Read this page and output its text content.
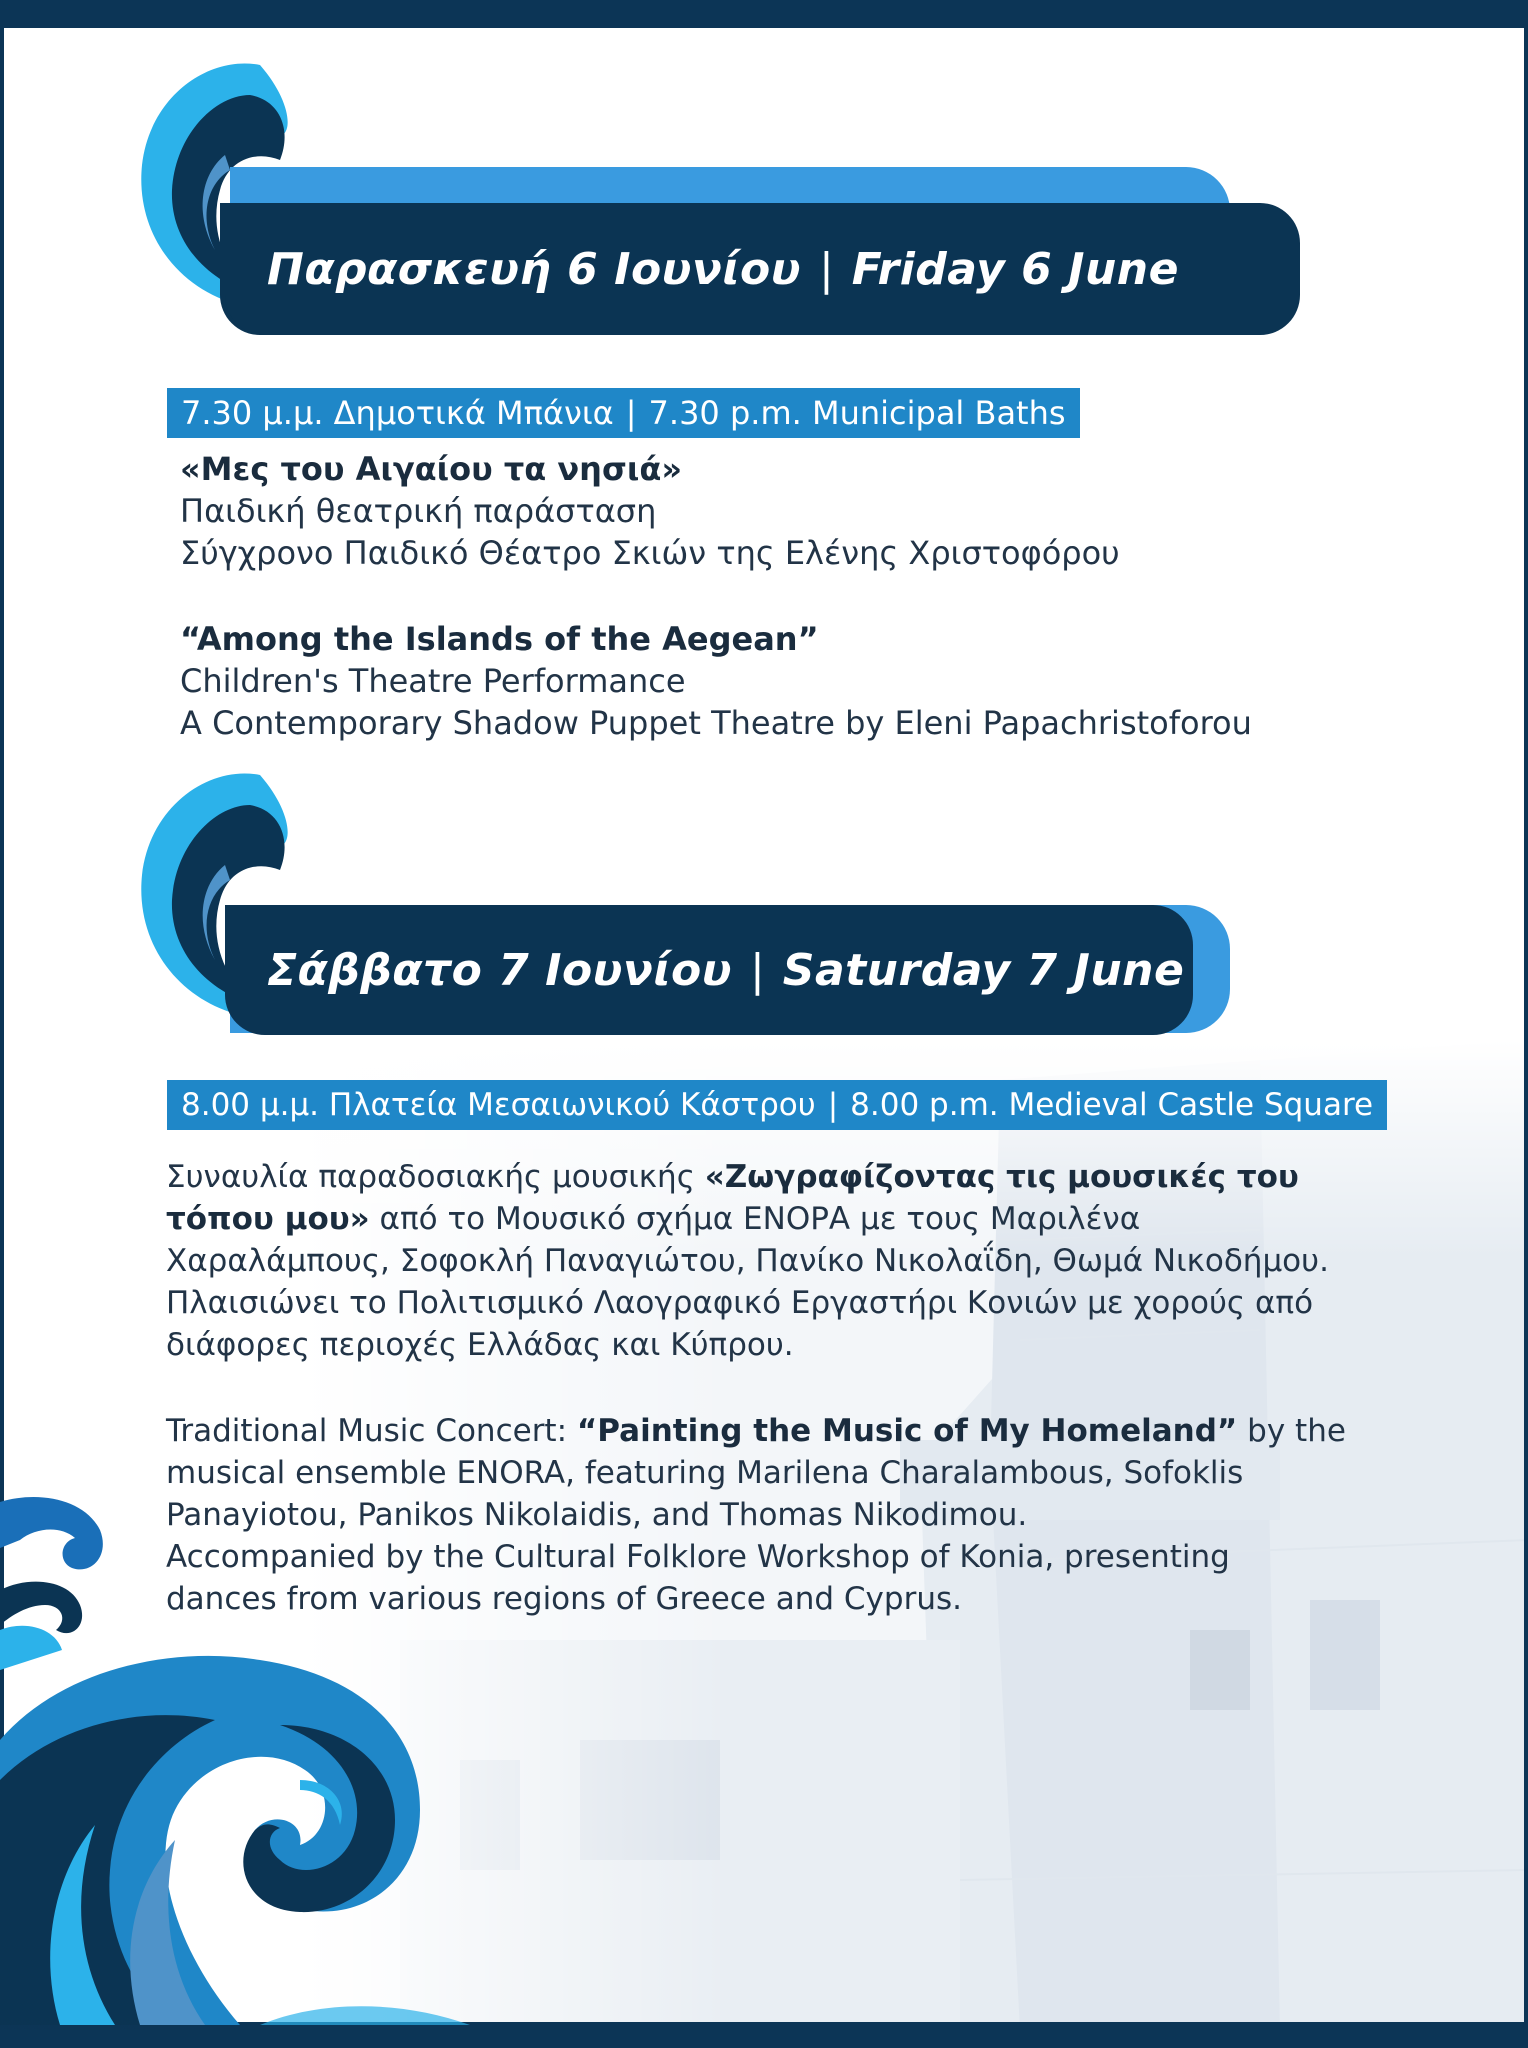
Παρασκευή 6 Ιουνίου | Friday 6 June
7.30 μ.μ. Δημοτικά Μπάνια | 7.30 p.m. Municipal Baths
«Μες του Αιγαίου τα νησιά»
Παιδική θεατρική παράσταση
Σύγχρονο Παιδικό Θέατρο Σκιών της Ελένης Χριστοφόρου
“Among the Islands of the Aegean”
Children's Theatre Performance
A Contemporary Shadow Puppet Theatre by Eleni Papachristoforou
Σάββατο 7 Ιουνίου | Saturday 7 June
8.00 μ.μ. Πλατεία Μεσαιωνικού Κάστρου | 8.00 p.m. Medieval Castle Square
Συναυλία παραδοσιακής μουσικής «Ζωγραφίζοντας τις μουσικές του
τόπου μου» από το Μουσικό σχήμα ΕΝΟΡΑ με τους Μαριλένα
Χαραλάμπους, Σοφοκλή Παναγιώτου, Πανίκο Νικολαΐδη, Θωμά Νικοδήμου.
Πλαισιώνει το Πολιτισμικό Λαογραφικό Εργαστήρι Κονιών με χορούς από
διάφορες περιοχές Ελλάδας και Κύπρου.
Traditional Music Concert: “Painting the Music of My Homeland” by the
musical ensemble ENORA, featuring Marilena Charalambous, Sofoklis
Panayiotou, Panikos Nikolaidis, and Thomas Nikodimou.
Accompanied by the Cultural Folklore Workshop of Konia, presenting
dances from various regions of Greece and Cyprus.
